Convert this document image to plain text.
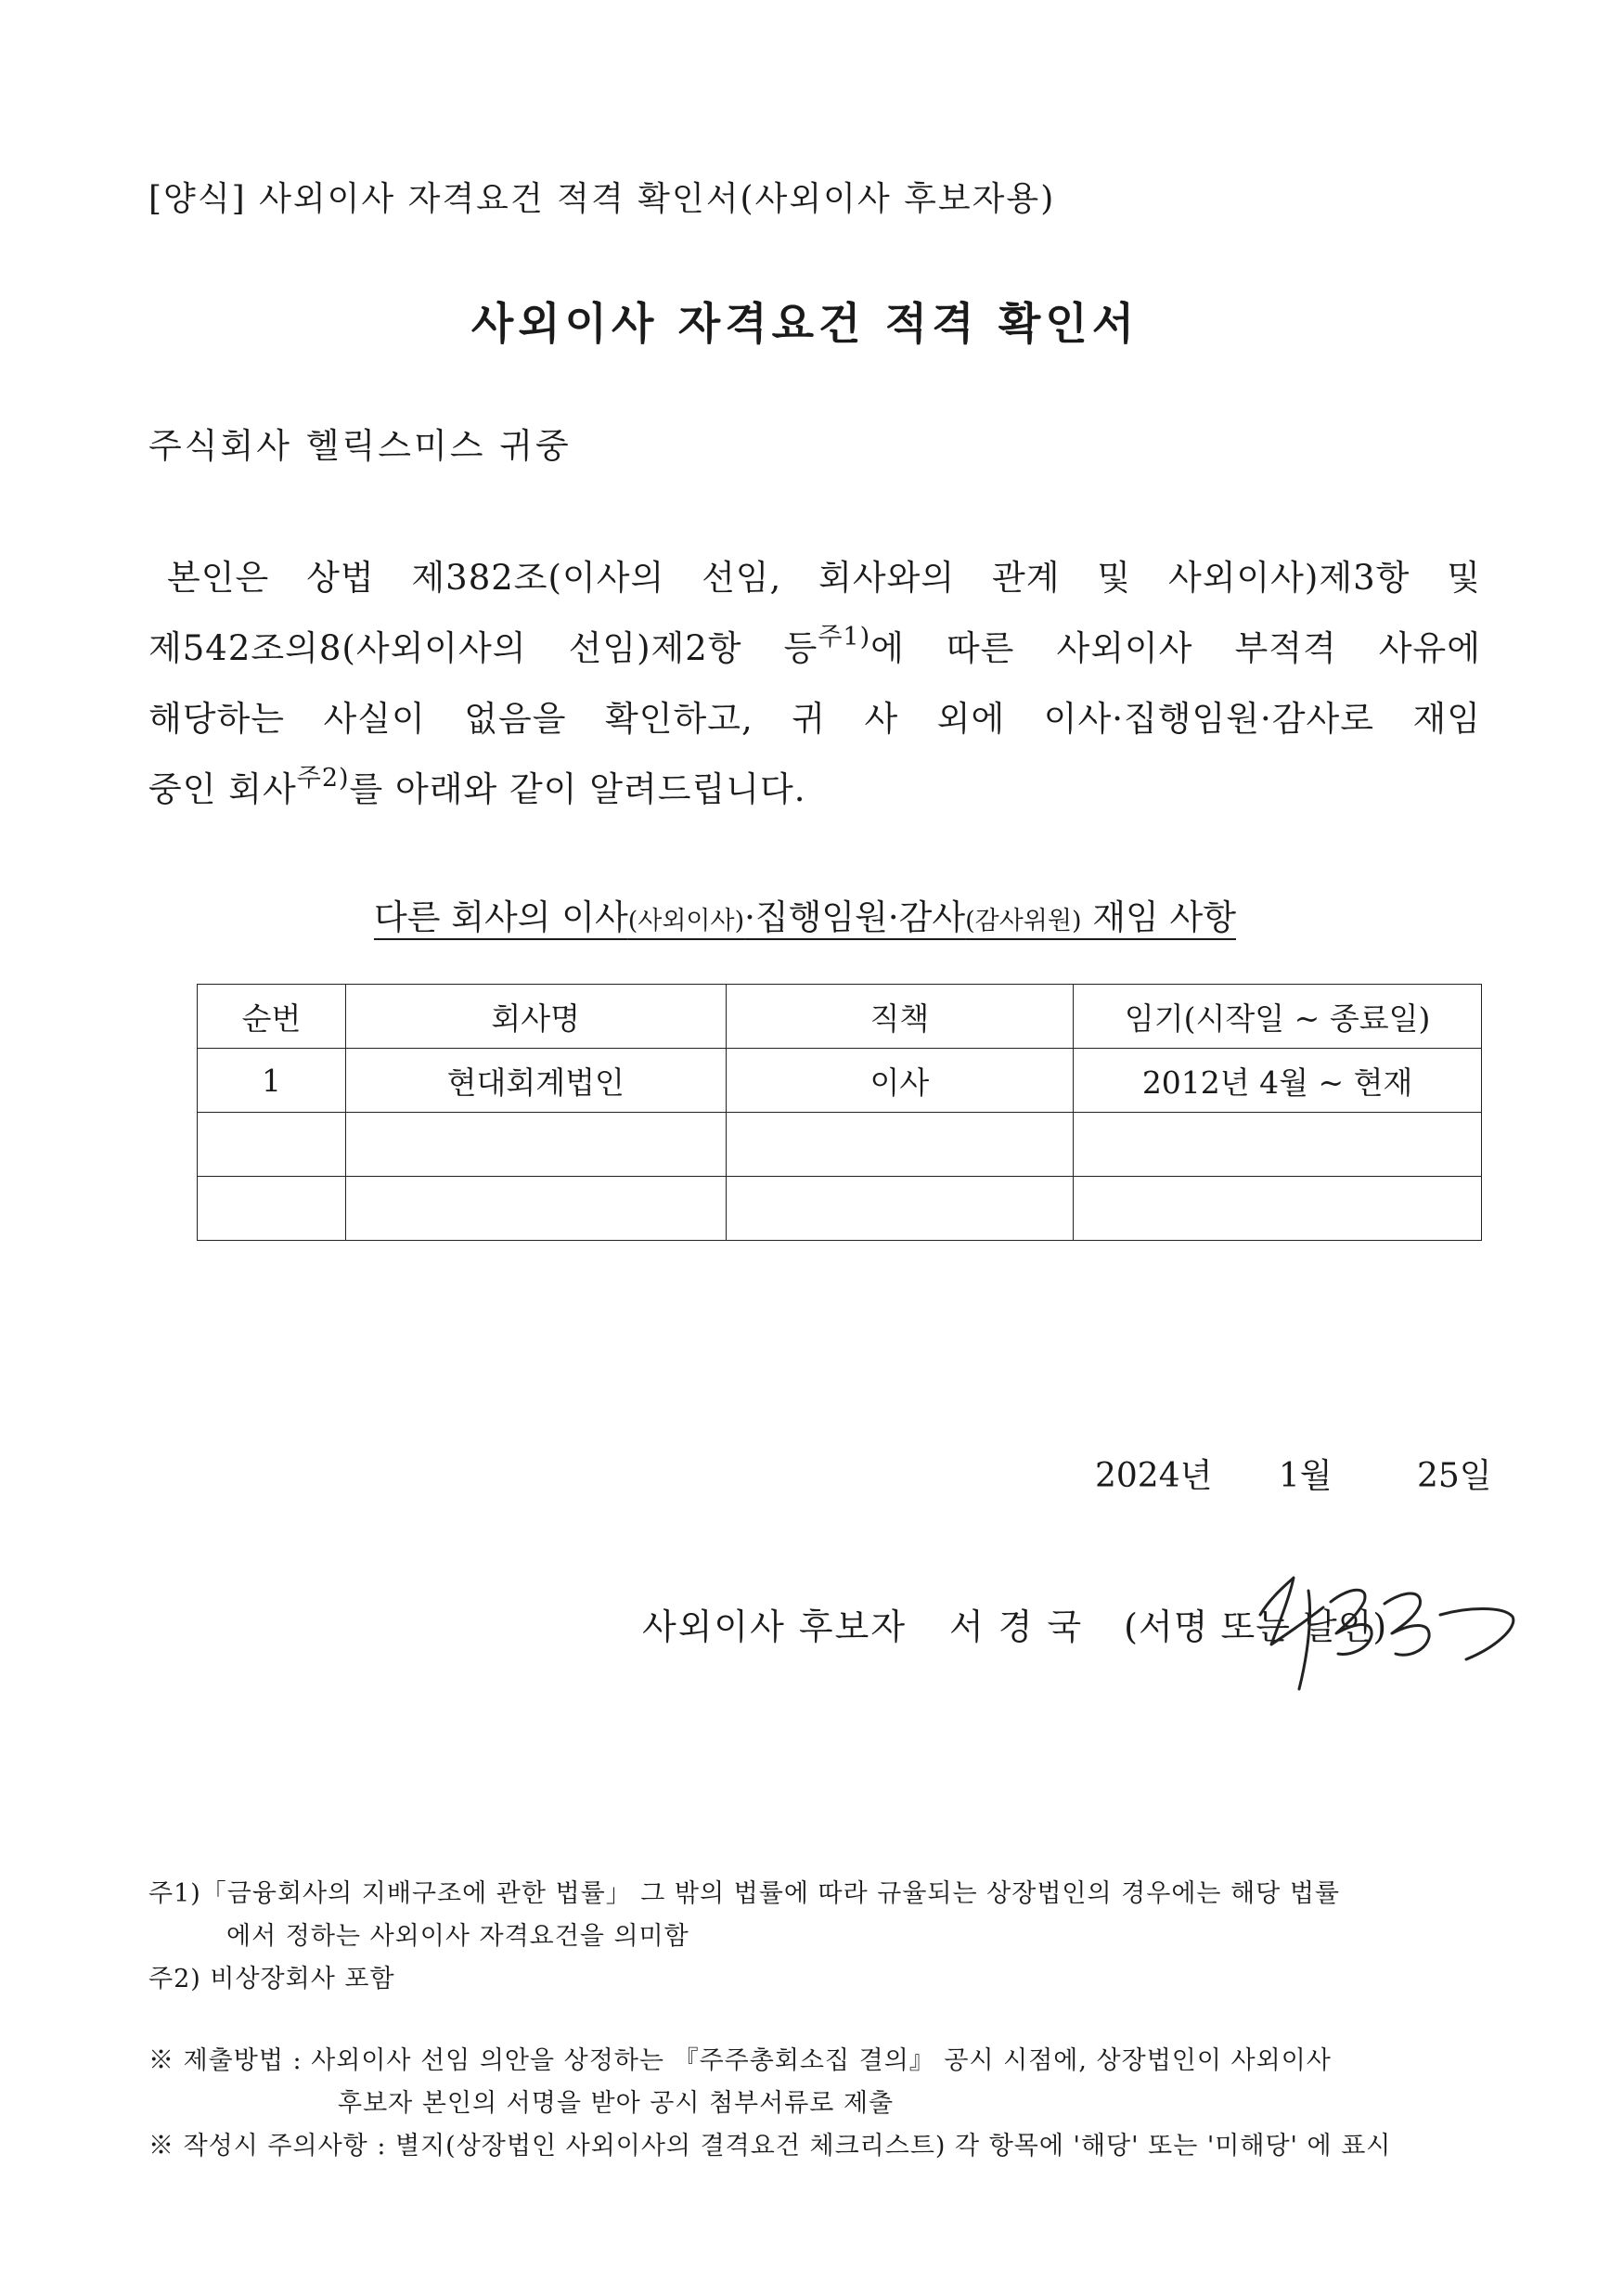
[양식] 사외이사 자격요건 적격 확인서(사외이사 후보자용)
사외이사 자격요건 적격 확인서
주식회사 헬릭스미스 귀중
본인은 상법 제382조(이사의 선임, 회사와의 관계 및 사외이사)제3항 및
제542조의8(사외이사의 선임)제2항 등$^{주1)}$에 따른 사외이사 부적격 사유에
해당하는 사실이 없음을 확인하고, 귀 사 외에 이사·집행임원·감사로 재임
중인 회사$^{주2)}$를 아래와 같이 알려드립니다.
다른 회사의 이사(사외이사)·집행임원·감사(감사위원) 재임 사항
순번	회사명	직책	임기(시작일 ~ 종료일)
1	현대회계법인	이사	2012년 4월 ~ 현재

2024년 1월	25일
사외이사 후보자 서경국 (서명 또는 날인)
주1)「금융회사의 지배구조에 관한 법률」 그 밖의 법률에 따라 규율되는 상장법인의 경우에는 해당 법률
에서 정하는 사외이사 자격요건을 의미함
주2) 비상장회사 포함
※ 제출방법 : 사외이사 선임 의안을 상정하는 『주주총회소집 결의』 공시 시점에, 상장법인이 사외이사
후보자 본인의 서명을 받아 공시 첨부서류로 제출
※ 작성시 주의사항 : 별지(상장법인 사외이사의 결격요건 체크리스트) 각 항목에 '해당' 또는 '미해당' 에 표시
